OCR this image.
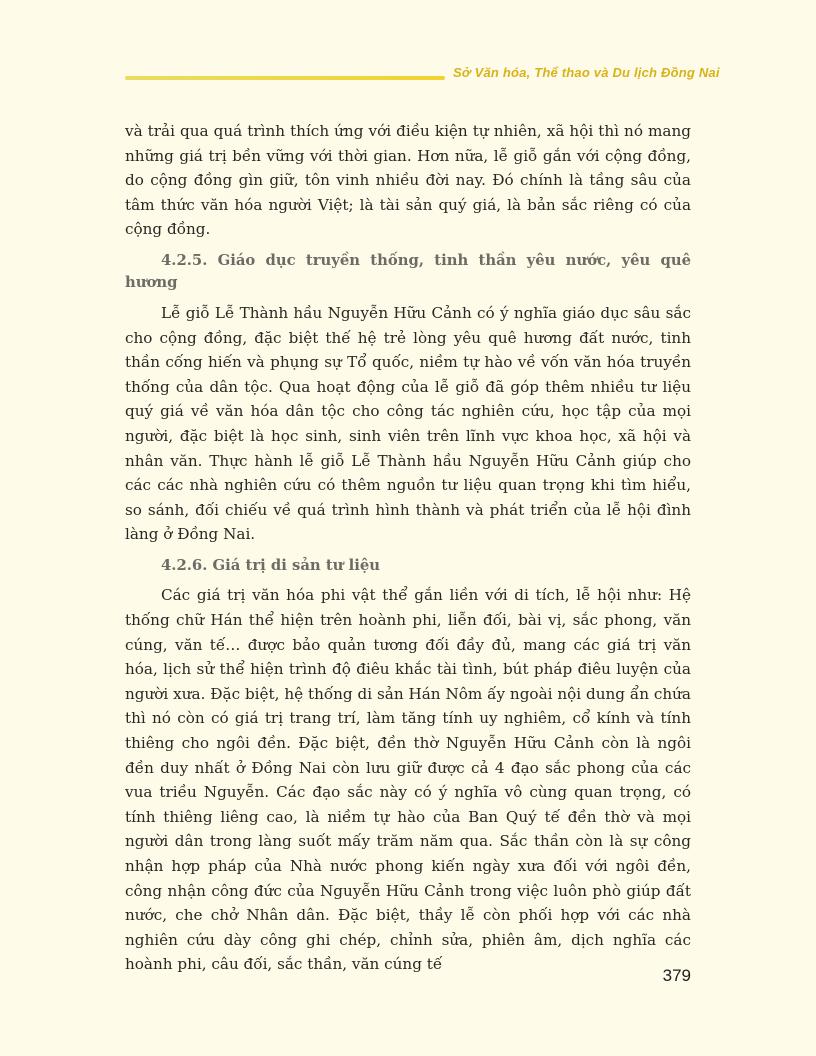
Sở Văn hóa, Thể thao và Du lịch Đồng Nai

và trải qua quá trình thích ứng với điều kiện tự nhiên, xã hội thì nó mang những giá trị bền vững với thời gian. Hơn nữa, lễ giỗ gắn với cộng đồng, do cộng đồng gìn giữ, tôn vinh nhiều đời nay. Đó chính là tầng sâu của tâm thức văn hóa người Việt; là tài sản quý giá, là bản sắc riêng có của cộng đồng.

4.2.5. Giáo dục truyền thống, tinh thần yêu nước, yêu quê hương

Lễ giỗ Lễ Thành hầu Nguyễn Hữu Cảnh có ý nghĩa giáo dục sâu sắc cho cộng đồng, đặc biệt thế hệ trẻ lòng yêu quê hương đất nước, tinh thần cống hiến và phụng sự Tổ quốc, niềm tự hào về vốn văn hóa truyền thống của dân tộc. Qua hoạt động của lễ giỗ đã góp thêm nhiều tư liệu quý giá về văn hóa dân tộc cho công tác nghiên cứu, học tập của mọi người, đặc biệt là học sinh, sinh viên trên lĩnh vực khoa học, xã hội và nhân văn. Thực hành lễ giỗ Lễ Thành hầu Nguyễn Hữu Cảnh giúp cho các các nhà nghiên cứu có thêm nguồn tư liệu quan trọng khi tìm hiểu, so sánh, đối chiếu về quá trình hình thành và phát triển của lễ hội đình làng ở Đồng Nai.

4.2.6. Giá trị di sản tư liệu

Các giá trị văn hóa phi vật thể gắn liền với di tích, lễ hội như: Hệ thống chữ Hán thể hiện trên hoành phi, liễn đối, bài vị, sắc phong, văn cúng, văn tế… được bảo quản tương đối đầy đủ, mang các giá trị văn hóa, lịch sử thể hiện trình độ điêu khắc tài tình, bút pháp điêu luyện của người xưa. Đặc biệt, hệ thống di sản Hán Nôm ấy ngoài nội dung ẩn chứa thì nó còn có giá trị trang trí, làm tăng tính uy nghiêm, cổ kính và tính thiêng cho ngôi đền. Đặc biệt, đền thờ Nguyễn Hữu Cảnh còn là ngôi đền duy nhất ở Đồng Nai còn lưu giữ được cả 4 đạo sắc phong của các vua triều Nguyễn. Các đạo sắc này có ý nghĩa vô cùng quan trọng, có tính thiêng liêng cao, là niềm tự hào của Ban Quý tế đền thờ và mọi người dân trong làng suốt mấy trăm năm qua. Sắc thần còn là sự công nhận hợp pháp của Nhà nước phong kiến ngày xưa đối với ngôi đền, công nhận công đức của Nguyễn Hữu Cảnh trong việc luôn phò giúp đất nước, che chở Nhân dân. Đặc biệt, thầy lễ còn phối hợp với các nhà nghiên cứu dày công ghi chép, chỉnh sửa, phiên âm, dịch nghĩa các hoành phi, câu đối, sắc thần, văn cúng tế

379
